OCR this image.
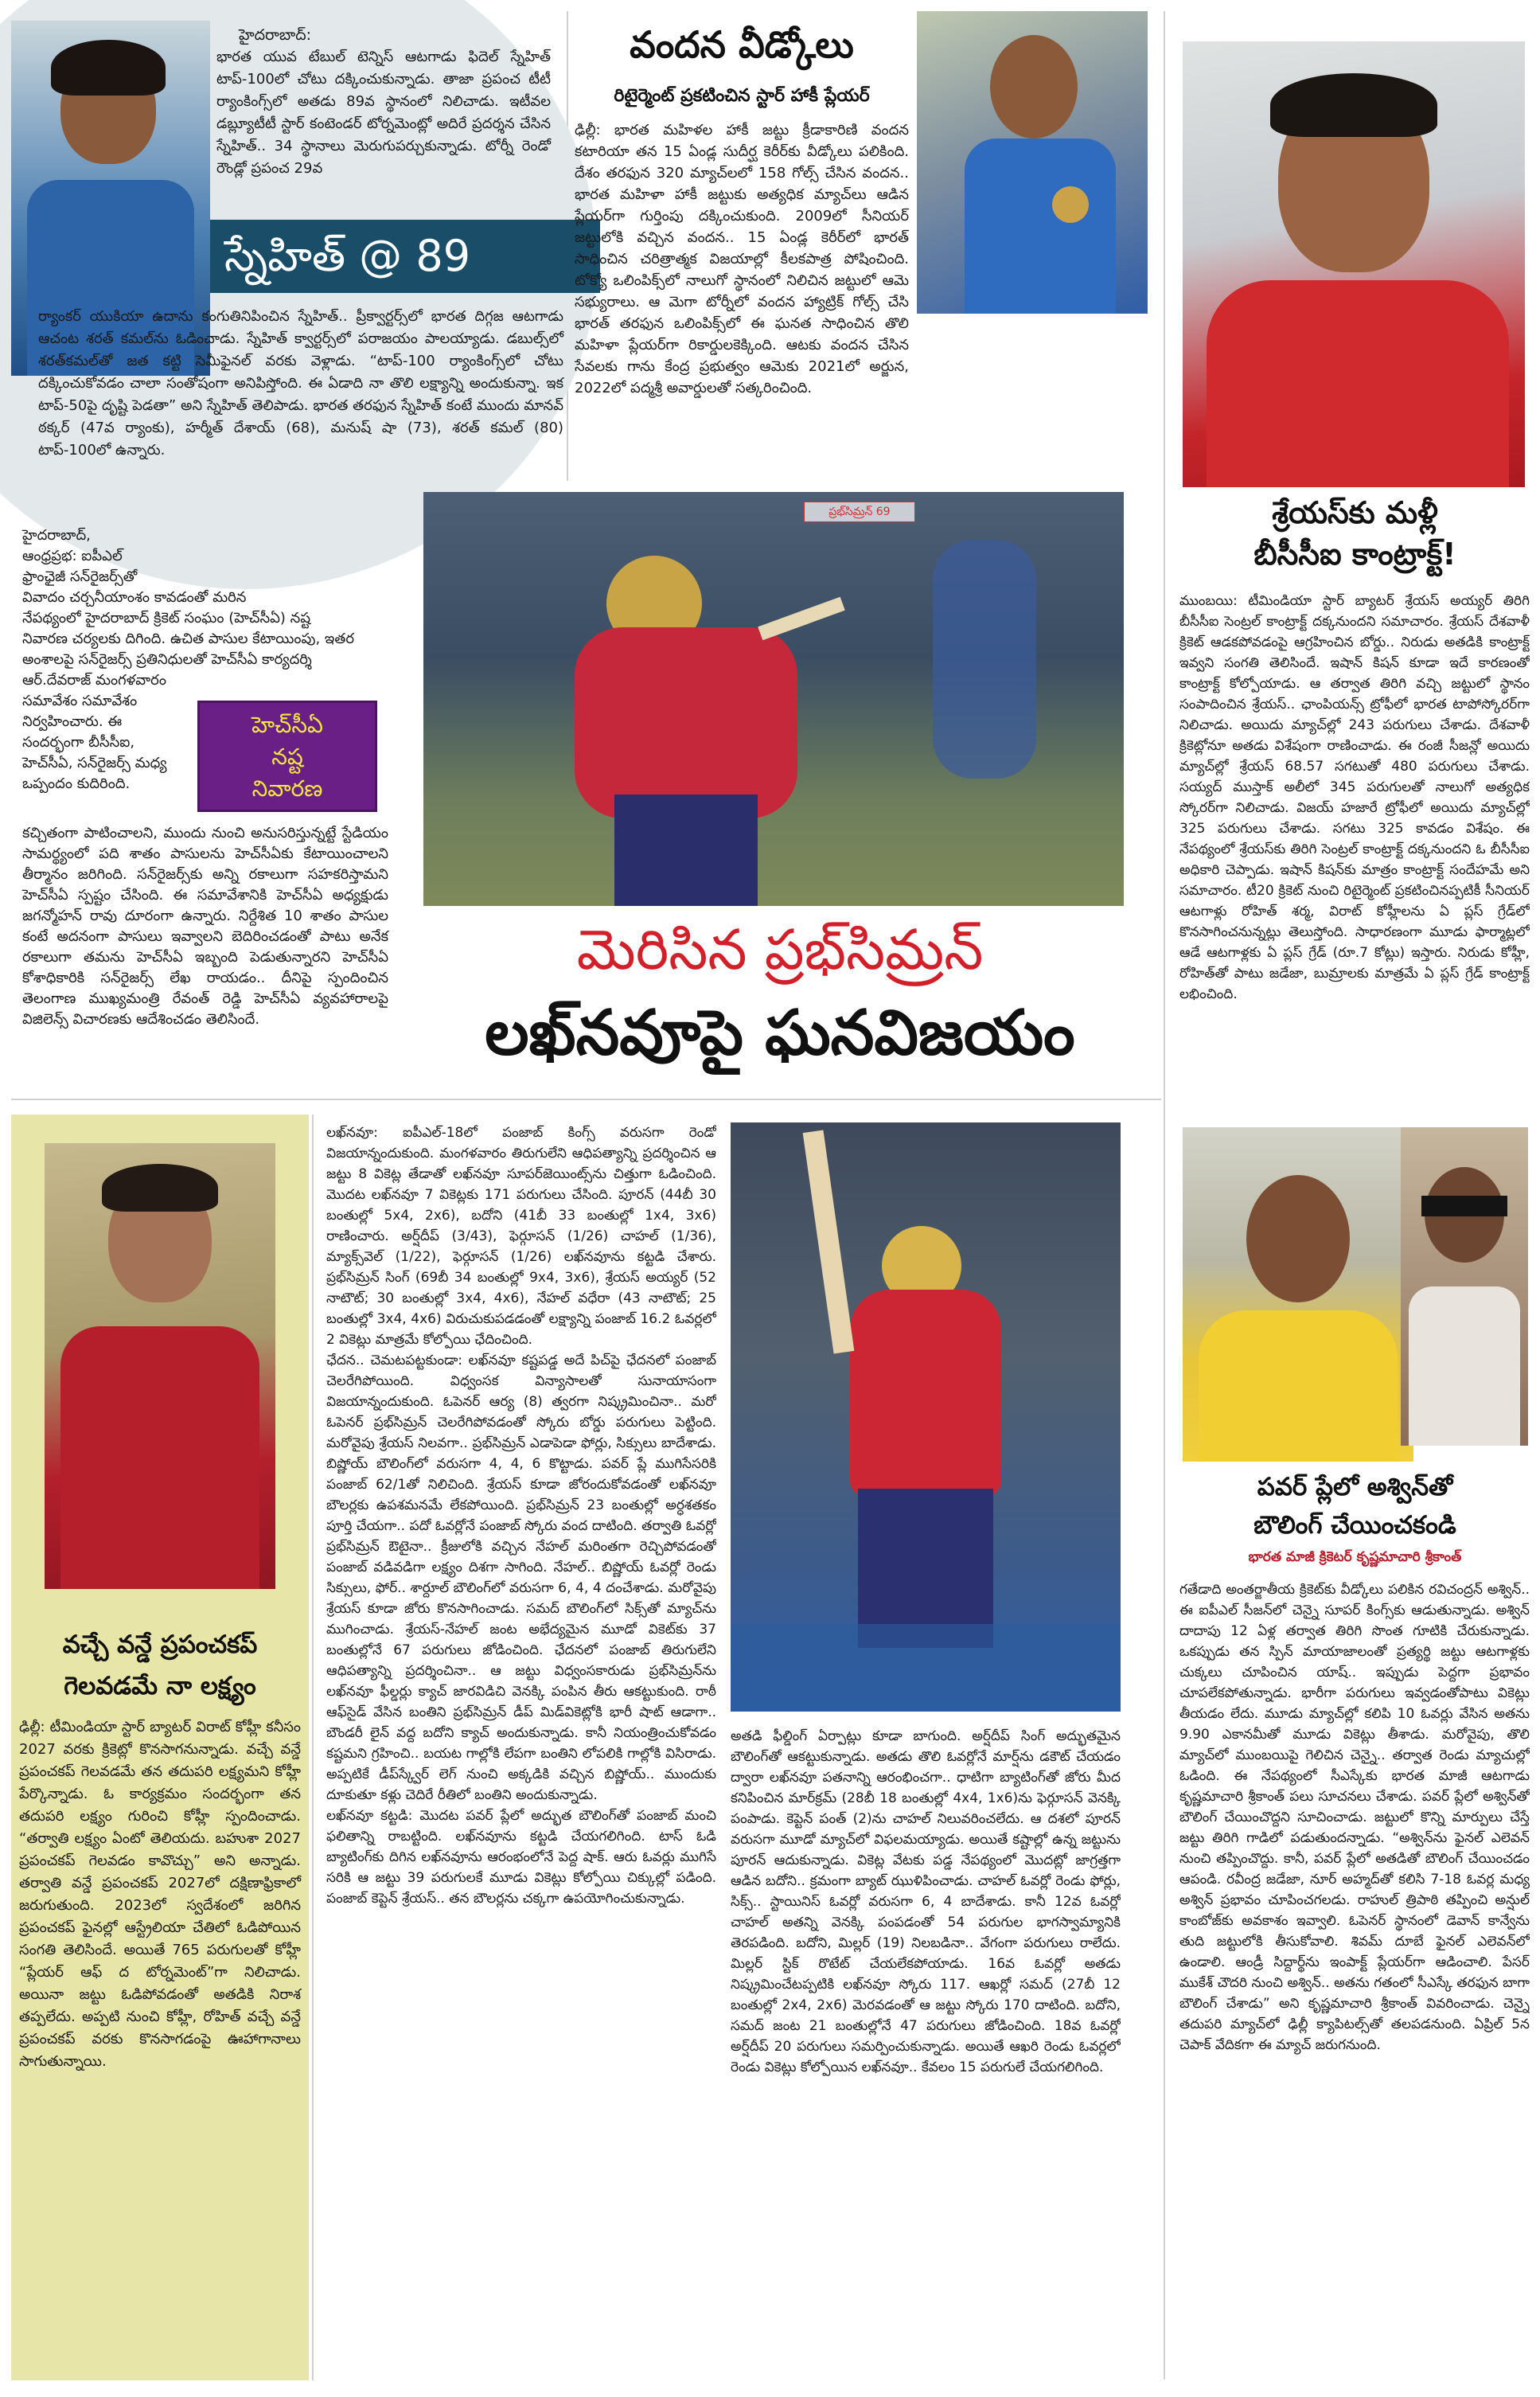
హైదరాబాద్:
భారత యువ టేబుల్ టెన్నిస్ ఆటగాడు ఫిదెల్ స్నేహిత్ టాప్-100లో చోటు దక్కించుకున్నాడు. తాజా ప్రపంచ టీటీ ర్యాంకింగ్స్‌లో అతడు 89వ స్థానంలో నిలిచాడు. ఇటీవల డబ్ల్యూటీటీ స్టార్ కంటెండర్ టోర్నమెంట్లో అదిరే ప్రదర్శన చేసిన స్నేహిత్.. 34 స్థానాలు మెరుగుపర్చుకున్నాడు. టోర్నీ రెండో రౌండ్లో ప్రపంచ 29వ
స్నేహిత్ @ 89
ర్యాంకర్ యుకియా ఉదాను కంగుతినిపించిన స్నేహిత్.. ప్రీక్వార్టర్స్‌లో భారత దిగ్గజ ఆటగాడు ఆచంట శరత్ కమల్‌ను ఓడించాడు. స్నేహిత్ క్వార్టర్స్‌లో పరాజయం పాలయ్యాడు. డబుల్స్‌లో శరత్‌కమల్‌తో జత కట్టి సెమీఫైనల్ వరకు వెళ్లాడు. “టాప్-100 ర్యాంకింగ్స్‌లో చోటు దక్కించుకోవడం చాలా సంతోషంగా అనిపిస్తోంది. ఈ ఏడాది నా తొలి లక్ష్యాన్ని అందుకున్నా. ఇక టాప్-50పై దృష్టి పెడతా” అని స్నేహిత్ తెలిపాడు. భారత తరఫున స్నేహిత్ కంటే ముందు మానవ్ ఠక్కర్ (47వ ర్యాంకు), హర్మీత్ దేశాయ్ (68), మనుష్ షా (73), శరత్ కమల్ (80) టాప్-100లో ఉన్నారు.
వందన వీడ్కోలు
రిటైర్మెంట్ ప్రకటించిన స్టార్ హాకీ ప్లేయర్
ఢిల్లీ: భారత మహిళల హాకీ జట్టు క్రీడాకారిణి వందన కటారియా తన 15 ఏండ్ల సుదీర్ఘ కెరీర్‌కు వీడ్కోలు పలికింది. దేశం తరఫున 320 మ్యాచ్‌లలో 158 గోల్స్ చేసిన వందన.. భారత మహిళా హాకీ జట్టుకు అత్యధిక మ్యాచ్‌లు ఆడిన ప్లేయర్‌గా గుర్తింపు దక్కించుకుంది. 2009లో సీనియర్ జట్టులోకి వచ్చిన వందన.. 15 ఏండ్ల కెరీర్‌లో భారత్ సాధించిన చరిత్రాత్మక విజయాల్లో కీలకపాత్ర పోషించింది. టోక్యో ఒలింపిక్స్‌లో నాలుగో స్థానంలో నిలిచిన జట్టులో ఆమె సభ్యురాలు. ఆ మెగా టోర్నీలో వందన హ్యాట్రిక్ గోల్స్ చేసి భారత్ తరఫున ఒలింపిక్స్‌లో ఈ ఘనత సాధించిన తొలి మహిళా ప్లేయర్‌గా రికార్డులకెక్కింది. ఆటకు వందన చేసిన సేవలకు గాను కేంద్ర ప్రభుత్వం ఆమెకు 2021లో అర్జున, 2022లో పద్మశ్రీ అవార్డులతో సత్కరించింది.
హైదరాబాద్,
ఆంధ్రప్రభ: ఐపీఎల్
ఫ్రాంఛైజీ సన్‌రైజర్స్‌తో
వివాదం చర్చనీయాంశం కావడంతో మరిన
నేపథ్యంలో హైదరాబాద్ క్రికెట్ సంఘం (హెచ్‌సీఏ) నష్ట
నివారణ చర్యలకు దిగింది. ఉచిత పాసుల కేటాయింపు, ఇతర
అంశాలపై సన్‌రైజర్స్ ప్రతినిధులతో హెచ్‌సీఏ కార్యదర్శి
ఆర్.దేవరాజ్ మంగళవారం
సమావేశం సమావేశం
నిర్వహించారు. ఈ
సందర్భంగా బీసీసీఐ,
హెచ్‌సీఏ, సన్‌రైజర్స్ మధ్య
ఒప్పందం కుదిరింది.
హెచ్‌సీఏ
నష్ట
నివారణ
కచ్చితంగా పాటించాలని, ముందు నుంచి అనుసరిస్తున్నట్టే స్టేడియం సామర్థ్యంలో పది శాతం పాసులను హెచ్‌సీఏకు కేటాయించాలని తీర్మానం జరిగింది. సన్‌రైజర్స్‌కు అన్ని రకాలుగా సహకరిస్తామని హెచ్‌సీఏ స్పష్టం చేసింది. ఈ సమావేశానికి హెచ్‌సీఏ అధ్యక్షుడు జగన్మోహన్ రావు దూరంగా ఉన్నారు. నిర్దేశిత 10 శాతం పాసుల కంటే అదనంగా పాసులు ఇవ్వాలని బెదిరించడంతో పాటు అనేక రకాలుగా తమను హెచ్‌సీఏ ఇబ్బంది పెడుతున్నారని హెచ్‌సీఏ కోశాధికారికి సన్‌రైజర్స్ లేఖ రాయడం.. దీనిపై స్పందించిన తెలంగాణ ముఖ్యమంత్రి రేవంత్ రెడ్డి హెచ్‌సీఏ వ్యవహారాలపై విజిలెన్స్ విచారణకు ఆదేశించడం తెలిసిందే.
శ్రేయస్‌కు మళ్లీ
బీసీసీఐ కాంట్రాక్ట్!
ముంబయి: టీమిండియా స్టార్ బ్యాటర్ శ్రేయస్ అయ్యర్ తిరిగి బీసీసీఐ సెంట్రల్ కాంట్రాక్ట్ దక్కనుందని సమాచారం. శ్రేయస్ దేశవాళీ క్రికెట్ ఆడకపోవడంపై ఆగ్రహించిన బోర్డు.. నిరుడు అతడికి కాంట్రాక్ట్ ఇవ్వని సంగతి తెలిసిందే. ఇషాన్ కిషన్ కూడా ఇదే కారణంతో కాంట్రాక్ట్ కోల్పోయాడు. ఆ తర్వాత తిరిగి వచ్చి జట్టులో స్థానం సంపాదించిన శ్రేయస్.. ఛాంపియన్స్ ట్రోఫీలో భారత టాపోస్కోరర్‌గా నిలిచాడు. అయిదు మ్యాచ్‌ల్లో 243 పరుగులు చేశాడు. దేశవాళీ క్రికెట్లోనూ అతడు విశేషంగా రాణించాడు. ఈ రంజీ సీజన్లో అయిదు మ్యాచ్‌ల్లో శ్రేయస్ 68.57 సగటుతో 480 పరుగులు చేశాడు. సయ్యద్ ముస్తాక్ అలీలో 345 పరుగులతో నాలుగో అత్యధిక స్కోరర్‌గా నిలిచాడు. విజయ్ హజారే ట్రోఫీలో అయిదు మ్యాచ్‌ల్లో 325 పరుగులు చేశాడు. సగటు 325 కావడం విశేషం. ఈ నేపథ్యంలో శ్రేయస్‌కు తిరిగి సెంట్రల్ కాంట్రాక్ట్ దక్కనుందని ఓ బీసీసీఐ అధికారి చెప్పాడు. ఇషాన్ కిషన్‌కు మాత్రం కాంట్రాక్ట్ సందేహమే అని సమాచారం. టీ20 క్రికెట్ నుంచి రిటైర్మెంట్ ప్రకటించినప్పటికీ సీనియర్ ఆటగాళ్లు రోహిత్ శర్మ, విరాట్ కోహ్లీలను ఏ ప్లస్ గ్రేడ్‌లో కొనసాగించనున్నట్లు తెలుస్తోంది. సాధారణంగా మూడు ఫార్మాట్లలో ఆడే ఆటగాళ్లకు ఏ ప్లస్ గ్రేడ్ (రూ.7 కోట్లు) ఇస్తారు. నిరుడు కోహ్లీ, రోహిత్‌తో పాటు జడేజా, బుమ్రాలకు మాత్రమే ఏ ప్లస్ గ్రేడ్ కాంట్రాక్ట్ లభించింది.
ప్రభ్‌సిమ్రన్ 69
మెరిసిన ప్రభ్‌సిమ్రన్
లఖ్‌నవూపై ఘనవిజయం
వచ్చే వన్డే ప్రపంచకప్
గెలవడమే నా లక్ష్యం
ఢిల్లీ: టీమిండియా స్టార్ బ్యాటర్ విరాట్ కోహ్లీ కనీసం 2027 వరకు క్రికెట్లో కొనసాగనున్నాడు. వచ్చే వన్డే ప్రపంచకప్ గెలవడమే తన తదుపరి లక్ష్యమని కోహ్లీ పేర్కొన్నాడు. ఓ కార్యక్రమం సందర్భంగా తన తదుపరి లక్ష్యం గురించి కోహ్లీ స్పందించాడు. “తర్వాతి లక్ష్యం ఏంటో తెలియదు. బహుశా 2027 ప్రపంచకప్ గెలవడం కావొచ్చు” అని అన్నాడు. తర్వాతి వన్డే ప్రపంచకప్ 2027లో దక్షిణాఫ్రికాలో జరుగుతుంది. 2023లో స్వదేశంలో జరిగిన ప్రపంచకప్ ఫైనల్లో ఆస్ట్రేలియా చేతిలో ఓడిపోయిన సంగతి తెలిసిందే. అయితే 765 పరుగులతో కోహ్లీ “ప్లేయర్ ఆఫ్ ద టోర్నమెంట్”గా నిలిచాడు. అయినా జట్టు ఓడిపోవడంతో అతడికి నిరాశ తప్పలేదు. అప్పటి నుంచి కోహ్లీ, రోహిత్ వచ్చే వన్డే ప్రపంచకప్ వరకు కొనసాగడంపై ఊహాగానాలు సాగుతున్నాయి.
లఖ్‌నవూ: ఐపీఎల్-18లో పంజాబ్ కింగ్స్ వరుసగా రెండో విజయాన్నందుకుంది. మంగళవారం తిరుగులేని ఆధిపత్యాన్ని ప్రదర్శించిన ఆ జట్టు 8 వికెట్ల తేడాతో లఖ్‌నవూ సూపర్‌జెయింట్స్‌ను చిత్తుగా ఓడించింది. మొదట లఖ్‌నవూ 7 వికెట్లకు 171 పరుగులు చేసింది. పూరన్ (44బీ 30 బంతుల్లో 5x4, 2x6), బదోని (41బీ 33 బంతుల్లో 1x4, 3x6) రాణించారు. అర్ష్‌దీప్ (3/43), ఫెర్గూసన్ (1/26) చాహల్ (1/36), మ్యాక్స్‌వెల్ (1/22), ఫెర్గూసన్ (1/26) లఖ్‌నవూను కట్టడి చేశారు. ప్రభ్‌సిమ్రన్ సింగ్ (69బీ 34 బంతుల్లో 9x4, 3x6), శ్రేయస్ అయ్యర్ (52 నాటౌట్; 30 బంతుల్లో 3x4, 4x6), నేహల్ వధేరా (43 నాటౌట్; 25 బంతుల్లో 3x4, 4x6) విరుచుకుపడడంతో లక్ష్యాన్ని పంజాబ్ 16.2 ఓవర్లలో 2 వికెట్లు మాత్రమే కోల్పోయి ఛేదించింది.
ఛేదన.. చెమటపట్టకుండా: లఖ్‌నవూ కష్టపడ్డ అదే పిచ్‌పై ఛేదనలో పంజాబ్ చెలరేగిపోయింది. విధ్వంసక విన్యాసాలతో సునాయాసంగా విజయాన్నందుకుంది. ఓపెనర్ ఆర్య (8) త్వరగా నిష్క్రమించినా.. మరో ఓపెనర్ ప్రభ్‌సిమ్రన్ చెలరేగిపోవడంతో స్కోరు బోర్డు పరుగులు పెట్టింది. మరోవైపు శ్రేయస్ నిలవగా.. ప్రభ్‌సిమ్రన్ ఎడాపెడా ఫోర్లు, సిక్సులు బాదేశాడు. బిష్ణోయ్ బౌలింగ్‌లో వరుసగా 4, 4, 6 కొట్టాడు. పవర్ ప్లే ముగిసేసరికి పంజాబ్ 62/1తో నిలిచింది. శ్రేయస్ కూడా జోరందుకోవడంతో లఖ్‌నవూ బౌలర్లకు ఉపశమనమే లేకపోయింది. ప్రభ్‌సిమ్రన్ 23 బంతుల్లో అర్ధశతకం పూర్తి చేయగా.. పదో ఓవర్లోనే పంజాబ్ స్కోరు వంద దాటింది. తర్వాతి ఓవర్లో ప్రభ్‌సిమ్రన్ ఔటైనా.. క్రీజులోకి వచ్చిన నేహల్ మరింతగా రెచ్చిపోవడంతో పంజాబ్ వడివడిగా లక్ష్యం దిశగా సాగింది. నేహల్.. బిష్ణోయ్ ఓవర్లో రెండు సిక్సులు, ఫోర్.. శార్దూల్ బౌలింగ్‌లో వరుసగా 6, 4, 4 దంచేశాడు. మరోవైపు శ్రేయస్ కూడా జోరు కొనసాగించాడు. సమద్ బౌలింగ్‌లో సిక్స్‌తో మ్యాచ్‌ను ముగించాడు. శ్రేయస్-నేహల్ జంట అభేద్యమైన మూడో వికెట్‌కు 37 బంతుల్లోనే 67 పరుగులు జోడించింది. ఛేదనలో పంజాబ్ తిరుగులేని ఆధిపత్యాన్ని ప్రదర్శించినా.. ఆ జట్టు విధ్వంసకారుడు ప్రభ్‌సిమ్రన్‌ను లఖ్‌నవూ ఫీల్డర్లు క్యాచ్ జారవిడిచి వెనక్కి పంపిన తీరు ఆకట్టుకుంది. రాఠీ ఆఫ్‌సైడ్ వేసిన బంతిని ప్రభ్‌సిమ్రన్ డీప్ మిడ్‌వికెట్లోకి భారీ షాట్ ఆడాగా.. బౌండరీ లైన్ వద్ద బదోని క్యాచ్ అందుకున్నాడు. కానీ నియంత్రించుకోవడం కష్టమని గ్రహించి.. బయట గాల్లోకి లేపగా బంతిని లోపలికి గాల్లోకి విసిరాడు. అప్పటికే డీప్‌స్క్వేర్ లెగ్ నుంచి అక్కడికి వచ్చిన బిష్ణోయ్.. ముందుకు దూకుతూ కళ్లు చెదిరే రీతిలో బంతిని అందుకున్నాడు.
లఖ్‌నవూ కట్టడి: మొదట పవర్ ప్లేలో అద్భుత బౌలింగ్‌తో పంజాబ్ మంచి ఫలితాన్ని రాబట్టింది. లఖ్‌నవూను కట్టడి చేయగలిగింది. టాస్ ఓడి బ్యాటింగ్‌కు దిగిన లఖ్‌నవూను ఆరంభంలోనే పెద్ద షాక్. ఆరు ఓవర్లు ముగిసే సరికి ఆ జట్టు 39 పరుగులకే మూడు వికెట్లు కోల్పోయి చిక్కుల్లో పడింది. పంజాబ్ కెప్టెన్ శ్రేయస్.. తన బౌలర్లను చక్కగా ఉపయోగించుకున్నాడు.
అతడి ఫీల్డింగ్ ఏర్పాట్లు కూడా బాగుంది. అర్ష్‌దీప్ సింగ్ అద్భుతమైన బౌలింగ్‌తో ఆకట్టుకున్నాడు. అతడు తొలి ఓవర్లోనే మార్ష్‌ను డకౌట్ చేయడం ద్వారా లఖ్‌నవూ పతనాన్ని ఆరంభించగా.. ధాటిగా బ్యాటింగ్‌తో జోరు మీద కనిపించిన మార్‌క్రమ్ (28బీ 18 బంతుల్లో 4x4, 1x6)ను ఫెర్గూసన్ వెనక్కి పంపాడు. కెప్టెన్ పంత్ (2)ను చాహల్ నిలువరించలేదు. ఆ దశలో పూరన్ వరుసగా మూడో మ్యాచ్‌లో విఫలమయ్యాడు. అయితే కష్టాల్లో ఉన్న జట్టును పూరన్ ఆదుకున్నాడు. వికెట్ల వేటకు పడ్డ నేపథ్యంలో మొదట్లో జాగ్రత్తగా ఆడిన బదోని.. క్రమంగా బ్యాట్ ఝుళిపించాడు. చాహల్ ఓవర్లో రెండు ఫోర్లు, సిక్స్.. స్టాయినిస్ ఓవర్లో వరుసగా 6, 4 బాదేశాడు. కానీ 12వ ఓవర్లో చాహల్ అతన్ని వెనక్కి పంపడంతో 54 పరుగుల భాగస్వామ్యానికి తెరపడింది. బదోని, మిల్లర్ (19) నిలబడినా.. వేగంగా పరుగులు రాలేదు. మిల్లర్ స్టిక్ రొటేట్ చేయలేకపోయాడు. 16వ ఓవర్లో అతడు నిష్క్రమించేటప్పటికి లఖ్‌నవూ స్కోరు 117. ఆఖర్లో సమద్ (27బీ 12 బంతుల్లో 2x4, 2x6) మెరవడంతో ఆ జట్టు స్కోరు 170 దాటింది. బదోని, సమద్ జంట 21 బంతుల్లోనే 47 పరుగులు జోడించింది. 18వ ఓవర్లో అర్ష్‌దీప్ 20 పరుగులు సమర్పించుకున్నాడు. అయితే ఆఖరి రెండు ఓవర్లలో రెండు వికెట్లు కోల్పోయిన లఖ్‌నవూ.. కేవలం 15 పరుగులే చేయగలిగింది.
పవర్ ప్లేలో అశ్విన్‌తో
బౌలింగ్ చేయించకండి
భారత మాజీ క్రికెటర్ కృష్ణమాచారి శ్రీకాంత్
గతేడాది అంతర్జాతీయ క్రికెట్‌కు వీడ్కోలు పలికిన రవిచంద్రన్ అశ్విన్.. ఈ ఐపీఎల్ సీజన్‌లో చెన్నై సూపర్ కింగ్స్‌కు ఆడుతున్నాడు. అశ్విన్ దాదాపు 12 ఏళ్ల తర్వాత తిరిగి సొంత గూటికి చేరుకున్నాడు. ఒకప్పుడు తన స్పిన్ మాయాజాలంతో ప్రత్యర్థి జట్టు ఆటగాళ్లకు చుక్కలు చూపించిన యాష్.. ఇప్పుడు పెద్దగా ప్రభావం చూపలేకపోతున్నాడు. భారీగా పరుగులు ఇవ్వడంతోపాటు వికెట్లు తీయడం లేదు. మూడు మ్యాచ్‌ల్లో కలిపి 10 ఓవర్లు వేసిన అతను 9.90 ఎకానమీతో మూడు వికెట్లు తీశాడు. మరోవైపు, తొలి మ్యాచ్‌లో ముంబయిపై గెలిచిన చెన్నై.. తర్వాత రెండు మ్యాచుల్లో ఓడింది. ఈ నేపథ్యంలో సీఎస్కేకు భారత మాజీ ఆటగాడు కృష్ణమాచారి శ్రీకాంత్ పలు సూచనలు చేశాడు. పవర్ ప్లేలో అశ్విన్‌తో బౌలింగ్ చేయించొద్దని సూచించాడు. జట్టులో కొన్ని మార్పులు చేస్తే జట్టు తిరిగి గాడిలో పడుతుందన్నాడు. “అశ్విన్‌ను ఫైనల్ ఎలెవన్ నుంచి తప్పించొద్దు. కానీ, పవర్ ప్లేలో అతడితో బౌలింగ్ చేయించడం ఆపండి. రవీంద్ర జడేజా, నూర్ అహ్మద్‌తో కలిసి 7-18 ఓవర్ల మధ్య అశ్విన్ ప్రభావం చూపించగలడు. రాహుల్ త్రిపాఠి తప్పించి అన్షుల్ కాంబోజ్‌కు అవకాశం ఇవ్వాలి. ఓపెనర్ స్థానంలో డెవాన్ కాన్వేను తుది జట్టులోకి తీసుకోవాలి. శివమ్ దూబే ఫైనల్ ఎలెవన్‌లో ఉండాలి. ఆండ్రీ సిద్దార్థ్‌ను ఇంపాక్ట్ ప్లేయర్‌గా ఆడించాలి. పేసర్ ముకేశ్ చౌదరి నుంచి అశ్విన్.. అతను గతంలో సీఎస్కే తరఫున బాగా బౌలింగ్ చేశాడు” అని కృష్ణమాచారి శ్రీకాంత్ వివరించాడు. చెన్నై తదుపరి మ్యాచ్‌లో ఢిల్లీ క్యాపిటల్స్‌తో తలపడనుంది. ఏప్రిల్ 5న చెపాక్ వేదికగా ఈ మ్యాచ్ జరుగనుంది.
